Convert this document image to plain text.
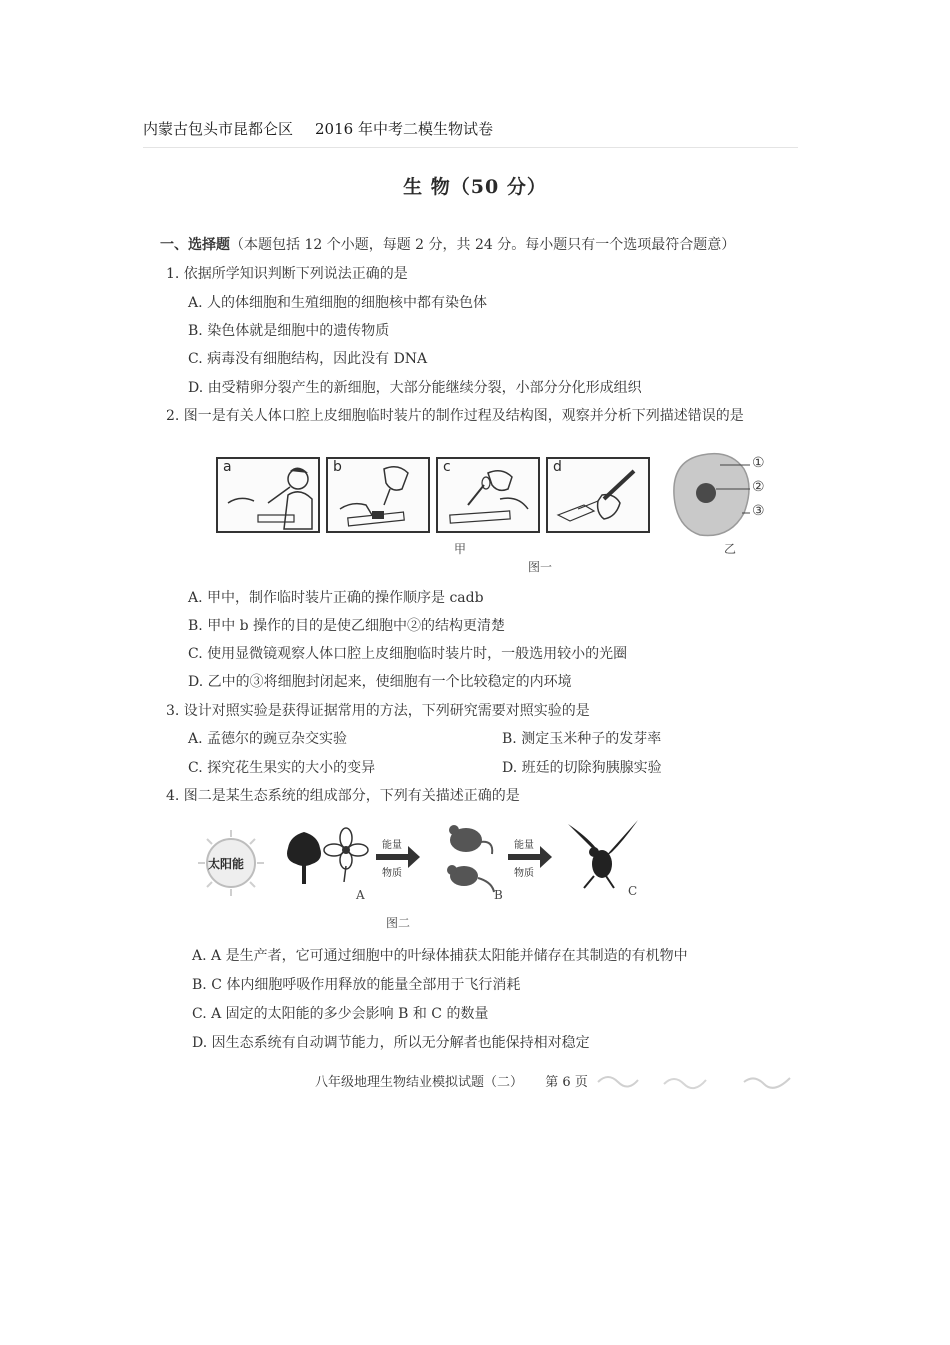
内蒙古包头市昆都仑区 2016 年中考二模生物试卷
生 物（50 分）
一、选择题（本题包括 12 个小题，每题 2 分，共 24 分。每小题只有一个选项最符合题意）
1. 依据所学知识判断下列说法正确的是
A. 人的体细胞和生殖细胞的细胞核中都有染色体
B. 染色体就是细胞中的遗传物质
C. 病毒没有细胞结构，因此没有 DNA
D. 由受精卵分裂产生的新细胞，大部分能继续分裂，小部分分化形成组织
2. 图一是有关人体口腔上皮细胞临时装片的制作过程及结构图，观察并分析下列描述错误的是
a	b	c	d
甲
①
②
③
乙
图一
A. 甲中，制作临时装片正确的操作顺序是 cadb
B. 甲中 b 操作的目的是使乙细胞中②的结构更清楚
C. 使用显微镜观察人体口腔上皮细胞临时装片时，一般选用较小的光圈
D. 乙中的③将细胞封闭起来，使细胞有一个比较稳定的内环境
3. 设计对照实验是获得证据常用的方法，下列研究需要对照实验的是
A. 孟德尔的豌豆杂交实验	B. 测定玉米种子的发芽率
C. 探究花生果实的大小的变异	D. 班廷的切除狗胰腺实验
4. 图二是某生态系统的组成部分，下列有关描述正确的是
太阳能
A
能量
物质
B
能量
物质
C
图二
A. A 是生产者，它可通过细胞中的叶绿体捕获太阳能并储存在其制造的有机物中
B. C 体内细胞呼吸作用释放的能量全部用于飞行消耗
C. A 固定的太阳能的多少会影响 B 和 C 的数量
D. 因生态系统有自动调节能力，所以无分解者也能保持相对稳定
八年级地理生物结业模拟试题（二） 第 6 页
